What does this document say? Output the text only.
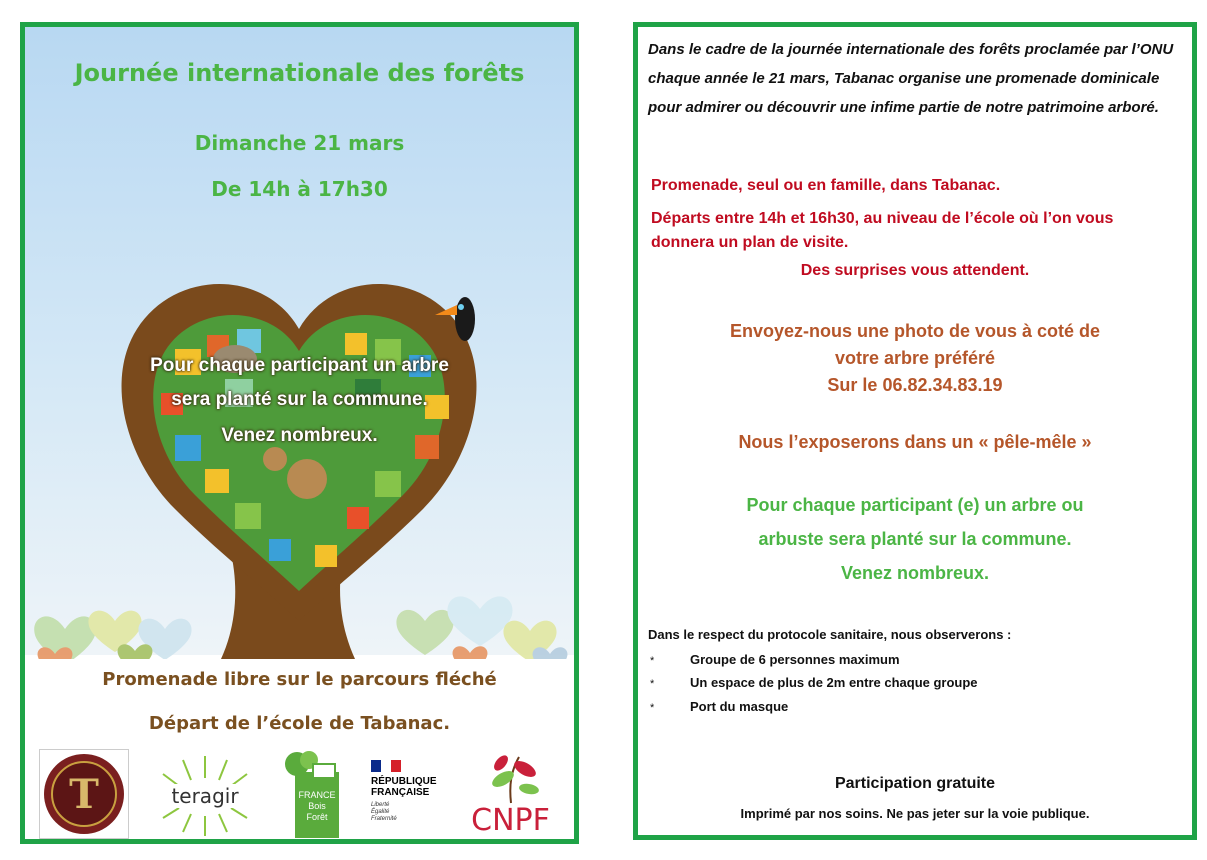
Journée internationale des forêts
Dimanche 21 mars
De 14h à 17h30
Pour chaque participant un arbre
sera planté sur la commune.
Venez nombreux.
Promenade libre sur le parcours fléché
Départ de l’école de Tabanac.
T	teragir	FRANCE
Bois
Forêt
RÉPUBLIQUE
FRANÇAISE
Liberté
Égalité
Fraternité	CNPF
Dans le cadre de la journée internationale des forêts proclamée par l’ONU chaque année le 21 mars, Tabanac organise une promenade dominicale pour admirer ou découvrir une infime partie de notre patrimoine arboré.
Promenade, seul ou en famille, dans Tabanac.
Départs entre 14h et 16h30, au niveau de l’école où l’on vous donnera un plan de visite.
Des surprises vous attendent.
Envoyez-nous une photo de vous à coté de
votre arbre préféré
Sur le 06.82.34.83.19
Nous l’exposerons dans un « pêle-mêle »
Pour chaque participant (e) un arbre ou
arbuste sera planté sur la commune.
Venez nombreux.
Dans le respect du protocole sanitaire, nous observerons :
*	Groupe de 6 personnes maximum
*	Un espace de plus de 2m entre chaque groupe
*	Port du masque
Participation gratuite
Imprimé par nos soins. Ne pas jeter sur la voie publique.
